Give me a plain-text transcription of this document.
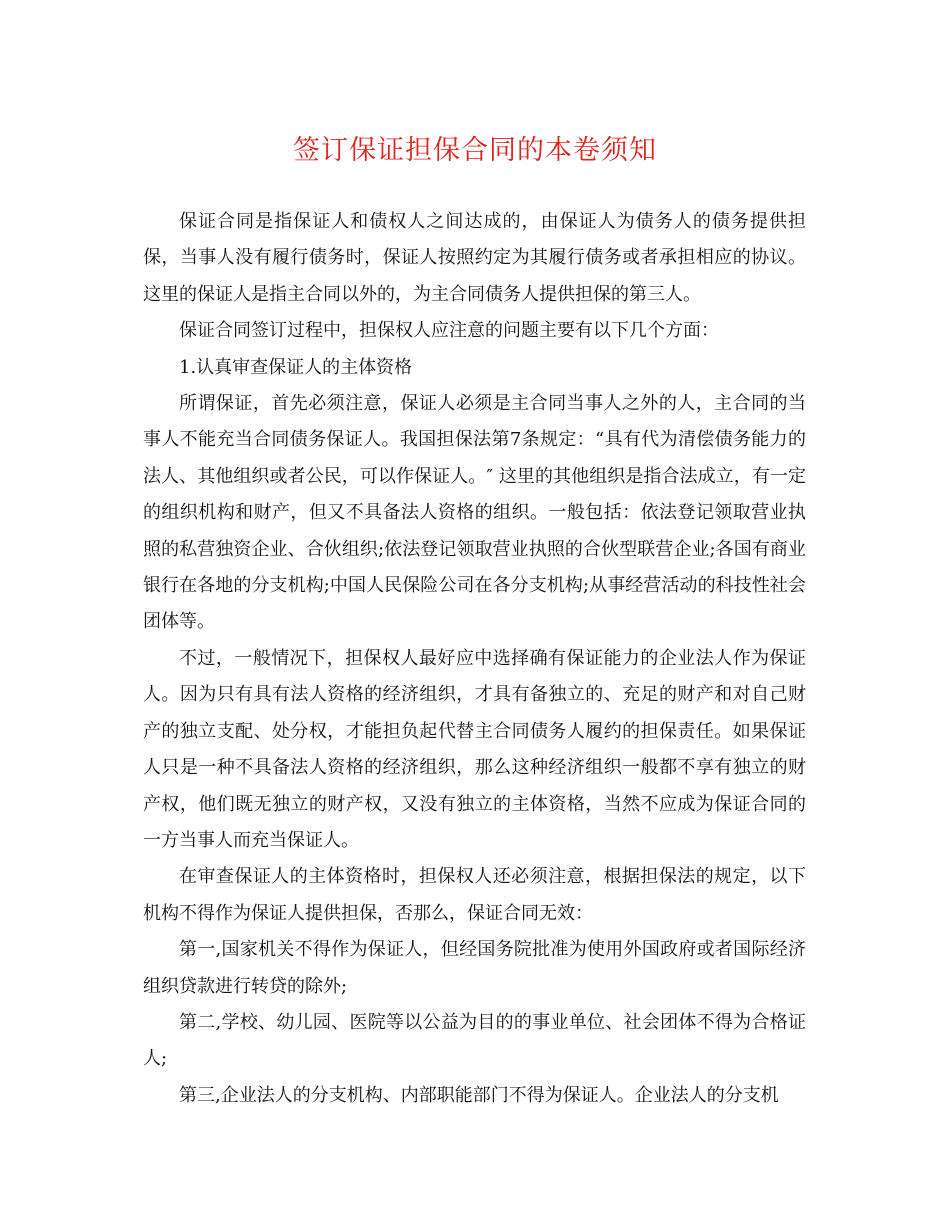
签订保证担保合同的本卷须知

保证合同是指保证人和债权人之间达成的，由保证人为债务人的债务提供担保，当事人没有履行债务时，保证人按照约定为其履行债务或者承担相应的协议。这里的保证人是指主合同以外的，为主合同债务人提供担保的第三人。

保证合同签订过程中，担保权人应注意的问题主要有以下几个方面：

1.认真审查保证人的主体资格

所谓保证，首先必须注意，保证人必须是主合同当事人之外的人，主合同的当事人不能充当合同债务保证人。我国担保法第7条规定：“具有代为清偿债务能力的法人、其他组织或者公民，可以作保证人。″ 这里的其他组织是指合法成立，有一定的组织机构和财产，但又不具备法人资格的组织。一般包括：依法登记领取营业执照的私营独资企业、合伙组织;依法登记领取营业执照的合伙型联营企业;各国有商业银行在各地的分支机构;中国人民保险公司在各分支机构;从事经营活动的科技性社会团体等。

不过，一般情况下，担保权人最好应中选择确有保证能力的企业法人作为保证人。因为只有具有法人资格的经济组织，才具有备独立的、充足的财产和对自己财产的独立支配、处分权，才能担负起代替主合同债务人履约的担保责任。如果保证人只是一种不具备法人资格的经济组织，那么这种经济组织一般都不享有独立的财产权，他们既无独立的财产权，又没有独立的主体资格，当然不应成为保证合同的一方当事人而充当保证人。

在审查保证人的主体资格时，担保权人还必须注意，根据担保法的规定，以下机构不得作为保证人提供担保，否那么，保证合同无效：

第一,国家机关不得作为保证人，但经国务院批准为使用外国政府或者国际经济组织贷款进行转贷的除外;

第二,学校、幼儿园、医院等以公益为目的的事业单位、社会团体不得为合格证人;

第三,企业法人的分支机构、内部职能部门不得为保证人。企业法人的分支机
